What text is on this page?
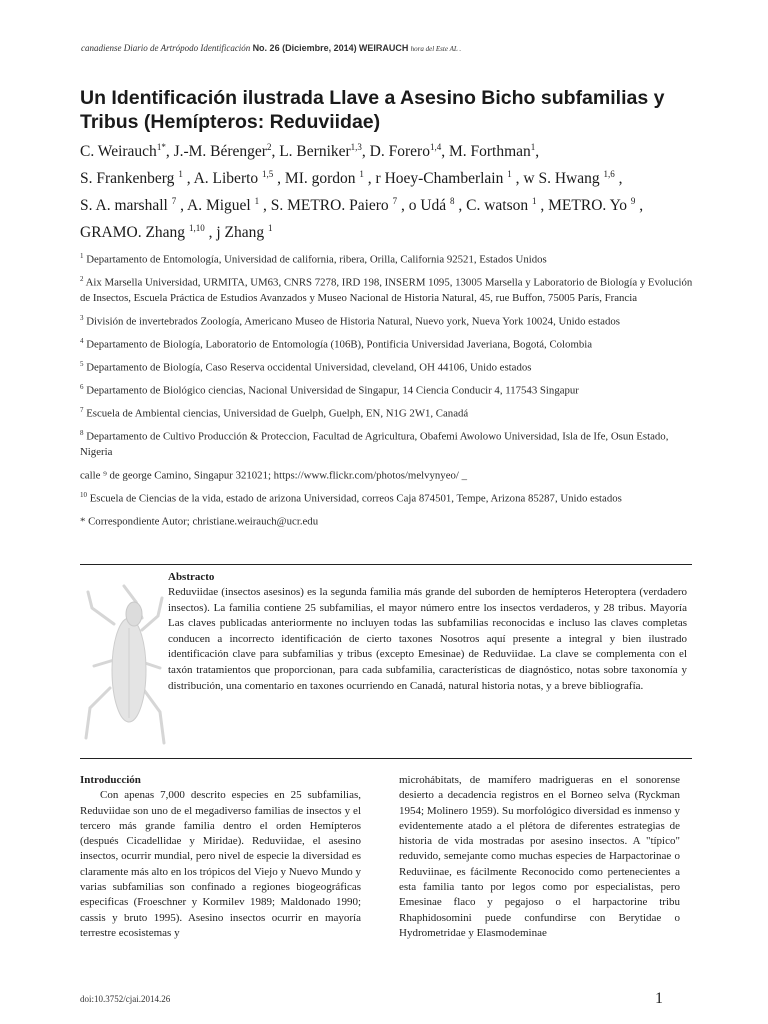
canadiense Diario de Artrópodo Identificación No. 26 (Diciembre, 2014) WEIRAUCH hora del Este AL .
Un Identificación ilustrada Llave a Asesino Bicho subfamilias y Tribus (Hemípteros: Reduviidae)
C. Weirauch$^{1*}$, J.-M. Bérenger$^2$, L. Berniker$^{1,3}$, D. Forero$^{1,4}$, M. Forthman$^1$,
S. Frankenberg $^1$ , A. Liberto $^{1,5}$ , MI. gordon $^1$ , r Hoey-Chamberlain $^1$ , w S. Hwang $^{1,6}$ ,
S. A. marshall $^7$ , A. Miguel $^1$ , S. METRO. Paiero $^7$ , o Udá $^8$ , C. watson $^1$ , METRO. Yo $^9$ ,
GRAMO. Zhang $^{1,10}$ , j Zhang $^1$
$^1$ Departamento de Entomología, Universidad de california, ribera, Orilla, California 92521, Estados Unidos
$^2$ Aix Marsella Universidad, URMITA, UM63, CNRS 7278, IRD 198, INSERM 1095, 13005 Marsella y Laboratorio de Biología y Evolución de Insectos, Escuela Práctica de Estudios Avanzados y Museo Nacional de Historia Natural, 45, rue Buffon, 75005 París, Francia
$^3$ División de invertebrados Zoología, Americano Museo de Historia Natural, Nuevo york, Nueva York 10024, Unido estados
$^4$ Departamento de Biología, Laboratorio de Entomología (106B), Pontificia Universidad Javeriana, Bogotá, Colombia
$^5$ Departamento de Biología, Caso Reserva occidental Universidad, cleveland, OH 44106, Unido estados
$^6$ Departamento de Biológico ciencias, Nacional Universidad de Singapur, 14 Ciencia Conducir 4, 117543 Singapur
$^7$ Escuela de Ambiental ciencias, Universidad de Guelph, Guelph, EN, N1G 2W1, Canadá
$^8$ Departamento de Cultivo Producción & Proteccion, Facultad de Agricultura, Obafemi Awolowo Universidad, Isla de Ife, Osun Estado, Nigeria
calle ⁹ de george Camino, Singapur 321021; https://www.flickr.com/photos/melvynyeo/ _
$^{10}$ Escuela de Ciencias de la vida, estado de arizona Universidad, correos Caja 874501, Tempe, Arizona 85287, Unido estados
* Correspondiente Autor; christiane.weirauch@ucr.edu
Abstracto

Reduviidae (insectos asesinos) es la segunda familia más grande del suborden de hemípteros Heteroptera (verdadero insectos). La familia contiene 25 subfamilias, el mayor número entre los insectos verdaderos, y 28 tribus. Mayoría Las claves publicadas anteriormente no incluyen todas las subfamilias reconocidas e incluso las claves completas conducen a incorrecto identificación de cierto taxones Nosotros aquí presente a integral y bien ilustrado identificación clave para subfamilias y tribus (excepto Emesinae) de Reduviidae. La clave se complementa con el taxón tratamientos que proporcionan, para cada subfamilia, características de diagnóstico, notas sobre taxonomía y distribución, una comentario en taxones ocurriendo en Canadá, natural historia notas, y a breve bibliografía.

Introducción

Con apenas 7,000 descrito especies en 25 subfamilias, Reduviidae son uno de el megadiverso familias de insectos y el tercero más grande familia dentro el orden Hemípteros (después Cicadellidae y Miridae). Reduviidae, el asesino insectos, ocurrir mundial, pero nivel de especie la diversidad es claramente más alto en los trópicos del Viejo y Nuevo Mundo y varias subfamilias son confinado a regiones biogeográficas especificas (Froeschner y Kormilev 1989; Maldonado 1990; cassis y bruto 1995). Asesino insectos ocurrir en mayoría terrestre ecosistemas y

microhábitats, de mamífero madrigueras en el sonorense desierto a decadencia registros en el Borneo selva (Ryckman 1954; Molinero 1959). Su morfológico diversidad es inmenso y evidentemente atado a el plétora de diferentes estrategias de historia de vida mostradas por asesino insectos. A "típico" reduvido, semejante como muchas especies de Harpactorinae o Reduviinae, es fácilmente Reconocido como pertenecientes a esta familia tanto por legos como por especialistas, pero Emesinae flaco y pegajoso o el harpactorine tribu Rhaphidosomini puede confundirse con Berytidae o Hydrometridae y Elasmodeminae

doi:10.3752/cjai.2014.26	1
